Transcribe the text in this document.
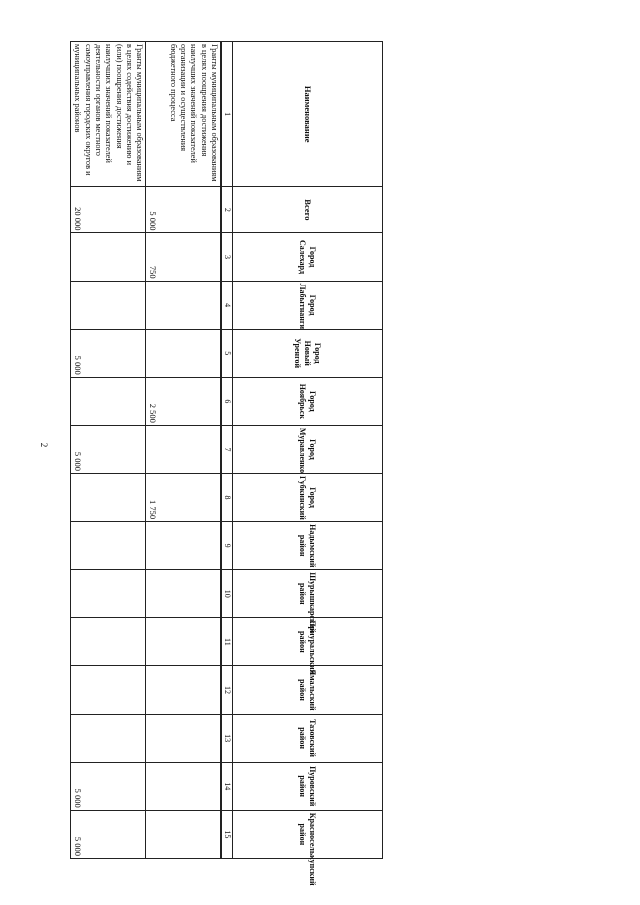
2
Наименование	Всего	Город Салехард	Город Лабытнанги	Город Новый Уренгой	Город Ноябрьск	Город Муравленко	Город Губкинский	Надымский район	Шурышкарский район	Приуральский район	Ямальский район	Тазовский район	Пуровский район	Красноселькупский район
1	2	3	4	5	6	7	8	9	10	11	12	13	14	15
Гранты муниципальным образованиям в целях поощрения достижения наилучших значений показателей организации и осуществления бюджетного процесса	5 000	750			2 500		1 750							
Гранты муниципальным образованиям в целях содействия достижению и (или) поощрения достижения наилучших значений показателей деятельности органов местного самоуправления городских округов и муниципальных районов	20 000			5 000		5 000							5 000	5 000
